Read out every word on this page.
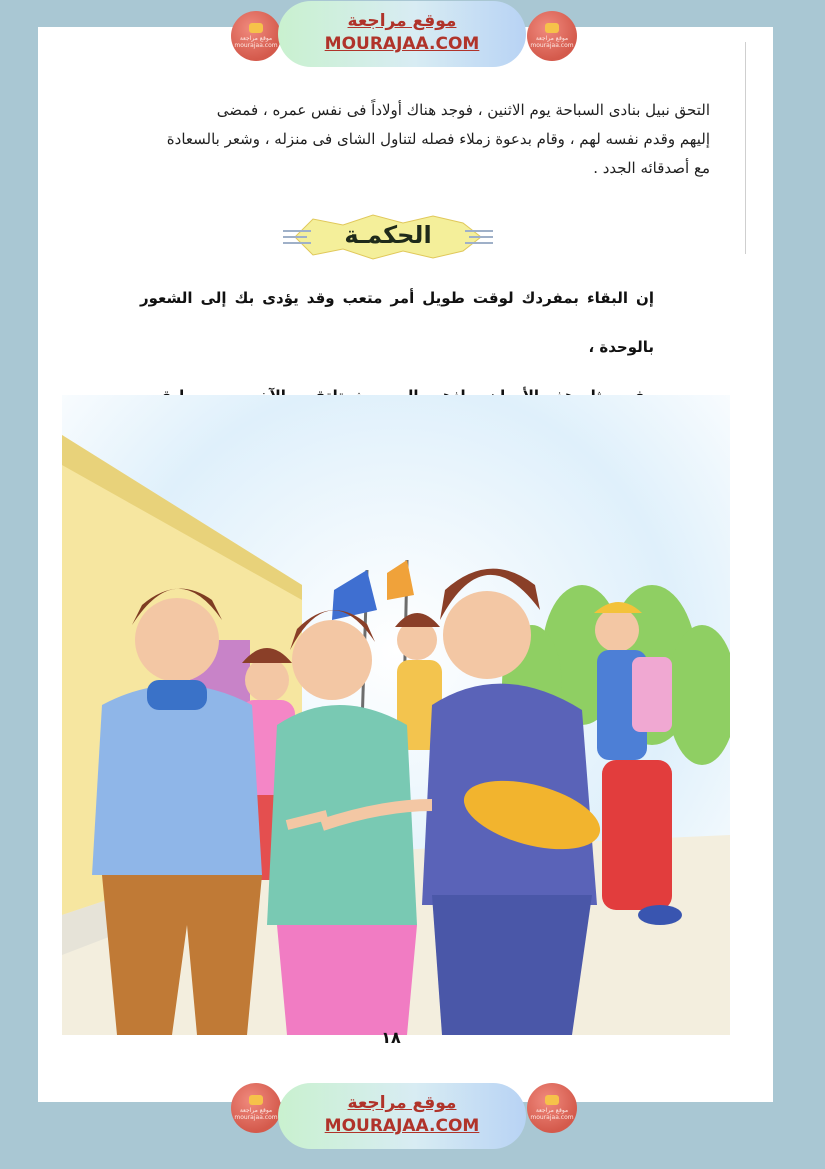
موقع مراجعة mourajaa.com
موقع مراجعة
MOURAJAA.COM	موقع مراجعة mourajaa.com

التحق نبيل بنادى السباحة يوم الاثنين ، فوجد هناك أولاداً فى نفس عمره ، فمضى

إليهم وقدم نفسه لهم ، وقام بدعوة زملاء فصله لتناول الشاى فى منزله ، وشعر بالسعادة

مع أصدقائه الجدد .

الحكمـة

إن البقاء بمفردك لوقت طويل أمر متعب وقد يؤدى بك إلى الشعور بالوحدة ،

١٨
موقع مراجعة mourajaa.com
موقع مراجعة
MOURAJAA.COM
موقع مراجعة mourajaa.com
